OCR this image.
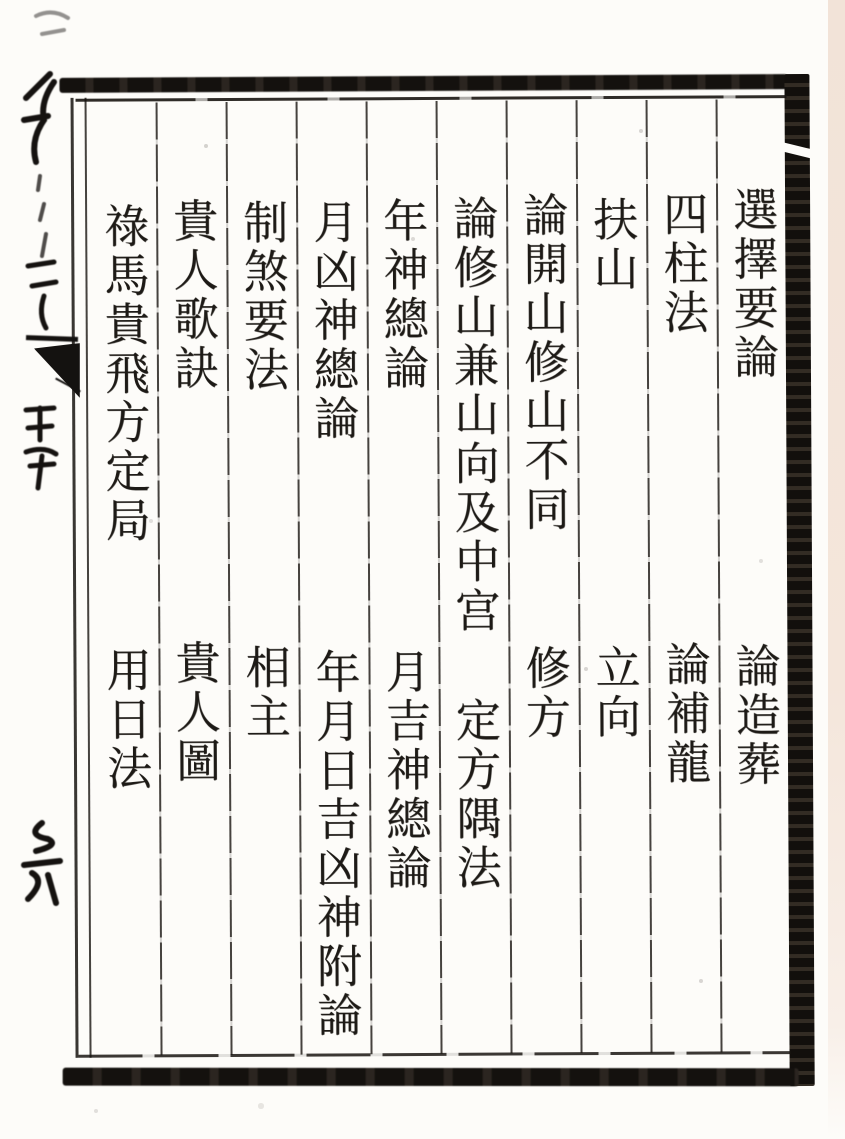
選擇要論
論造葬
四柱法
論補龍
扶山
立向
論開山修山不同
修方
論修山兼山向及中宫
定方隅法
年神總論
月吉神總論
月凶神總論
年月日吉凶神附論
制煞要法
相主
貴人歌訣
貴人圖
祿馬貴飛方定局
用日法
